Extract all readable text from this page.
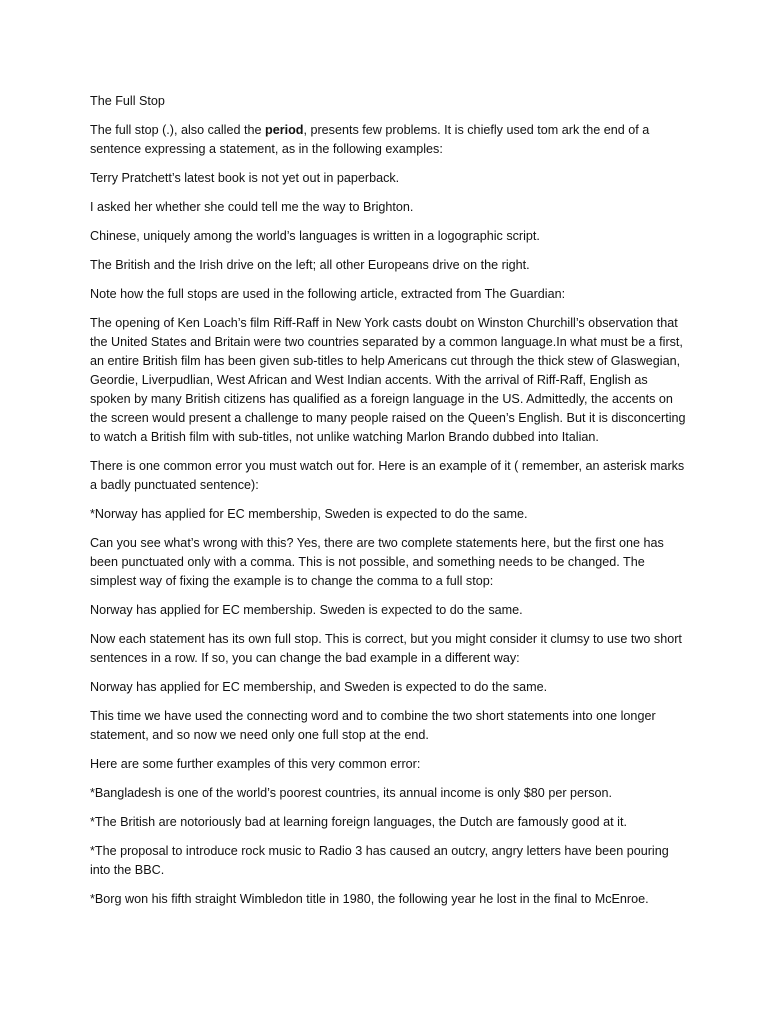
The Full Stop

The full stop (.), also called the period, presents few problems. It is chiefly used tom ark the end of a sentence expressing a statement, as in the following examples:

Terry Pratchett’s latest book is not yet out in paperback.

I asked her whether she could tell me the way to Brighton.

Chinese, uniquely among the world’s languages is written in a logographic script.

The British and the Irish drive on the left; all other Europeans drive on the right.

Note how the full stops are used in the following article, extracted from The Guardian:

The opening of Ken Loach’s film Riff-Raff in New York casts doubt on Winston Churchill’s observation that the United States and Britain were two countries separated by a common language.In what must be a first, an entire British film has been given sub-titles to help Americans cut through the thick stew of Glaswegian, Geordie, Liverpudlian, West African and West Indian accents. With the arrival of Riff-Raff, English as spoken by many British citizens has qualified as a foreign language in the US. Admittedly, the accents on the screen would present a challenge to many people raised on the Queen’s English. But it is disconcerting to watch a British film with sub-titles, not unlike watching Marlon Brando dubbed into Italian.

There is one common error you must watch out for. Here is an example of it ( remember, an asterisk marks a badly punctuated sentence):

*Norway has applied for EC membership, Sweden is expected to do the same.

Can you see what’s wrong with this? Yes, there are two complete statements here, but the first one has been punctuated only with a comma. This is not possible, and something needs to be changed. The simplest way of fixing the example is to change the comma to a full stop:

Norway has applied for EC membership. Sweden is expected to do the same.

Now each statement has its own full stop. This is correct, but you might consider it clumsy to use two short sentences in a row. If so, you can change the bad example in a different way:

Norway has applied for EC membership, and Sweden is expected to do the same.

This time we have used the connecting word and to combine the two short statements into one longer statement, and so now we need only one full stop at the end.

Here are some further examples of this very common error:

*Bangladesh is one of the world’s poorest countries, its annual income is only $80 per person.

*The British are notoriously bad at learning foreign languages, the Dutch are famously good at it.

*The proposal to introduce rock music to Radio 3 has caused an outcry, angry letters have been pouring into the BBC.

*Borg won his fifth straight Wimbledon title in 1980, the following year he lost in the final to McEnroe.
